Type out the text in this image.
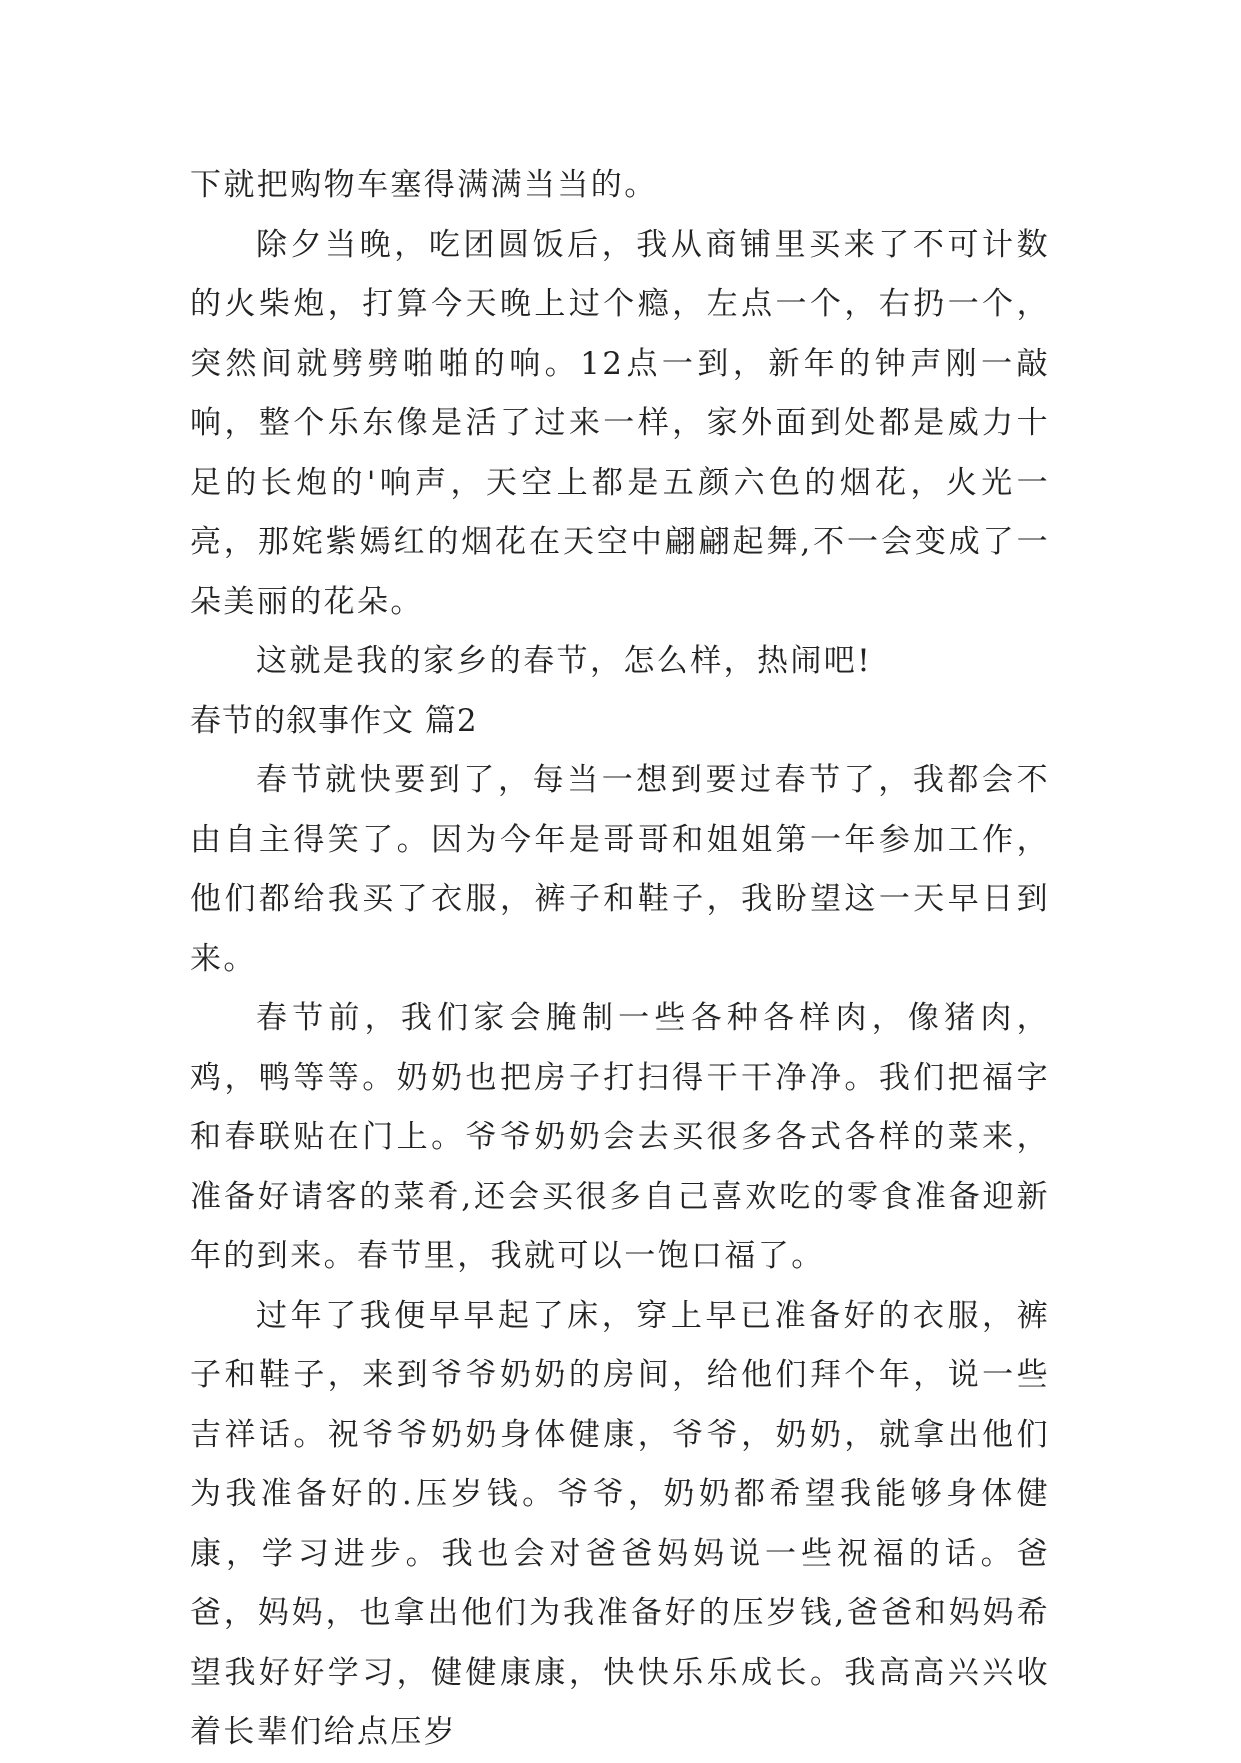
下就把购物车塞得满满当当的。

除夕当晚，吃团圆饭后，我从商铺里买来了不可计数的火柴炮，打算今天晚上过个瘾，左点一个，右扔一个，突然间就劈劈啪啪的响。12点一到，新年的钟声刚一敲响，整个乐东像是活了过来一样，家外面到处都是威力十足的长炮的'响声，天空上都是五颜六色的烟花，火光一亮，那姹紫嫣红的烟花在天空中翩翩起舞,不一会变成了一朵美丽的花朵。

这就是我的家乡的春节，怎么样，热闹吧!

春节的叙事作文 篇2

春节就快要到了，每当一想到要过春节了，我都会不由自主得笑了。因为今年是哥哥和姐姐第一年参加工作，他们都给我买了衣服，裤子和鞋子，我盼望这一天早日到来。

春节前，我们家会腌制一些各种各样肉，像猪肉，鸡，鸭等等。奶奶也把房子打扫得干干净净。我们把福字和春联贴在门上。爷爷奶奶会去买很多各式各样的菜来，准备好请客的菜肴,还会买很多自己喜欢吃的零食准备迎新年的到来。春节里，我就可以一饱口福了。

过年了我便早早起了床，穿上早已准备好的衣服，裤子和鞋子，来到爷爷奶奶的房间，给他们拜个年，说一些吉祥话。祝爷爷奶奶身体健康，爷爷，奶奶，就拿出他们为我准备好的.压岁钱。爷爷，奶奶都希望我能够身体健康，学习进步。我也会对爸爸妈妈说一些祝福的话。爸爸，妈妈，也拿出他们为我准备好的压岁钱,爸爸和妈妈希望我好好学习，健健康康，快快乐乐成长。我高高兴兴收着长辈们给点压岁
